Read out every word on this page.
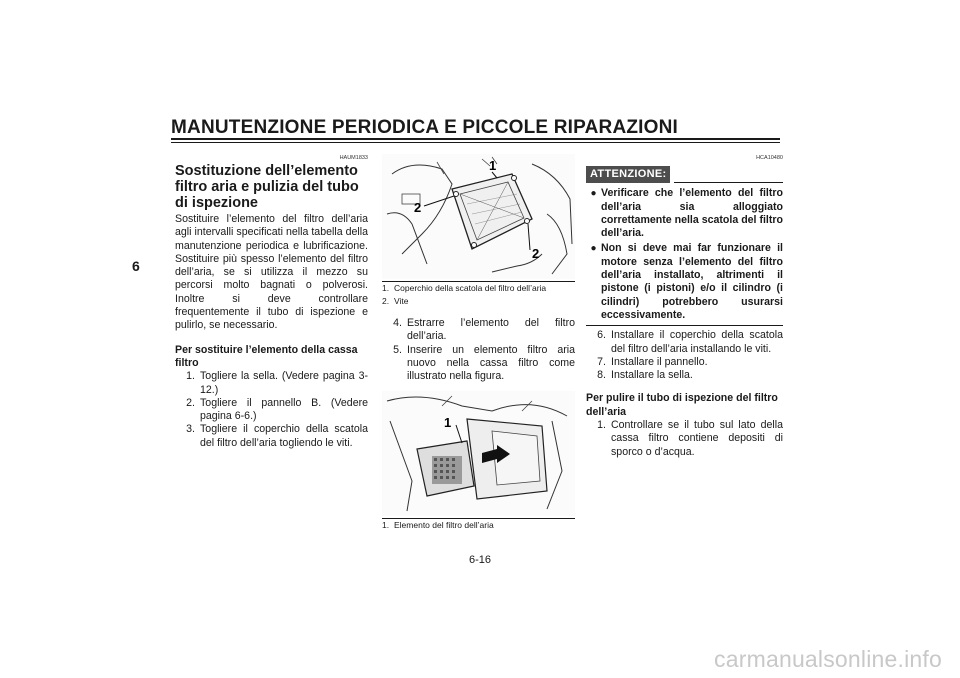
MANUTENZIONE PERIODICA E PICCOLE RIPARAZIONI
6
HAUM1833
Sostituzione dell’elemento filtro aria e pulizia del tubo di ispezione
Sostituire l’elemento del filtro dell’aria agli intervalli specificati nella tabella della manutenzione periodica e lubrificazione. Sostituire più spesso l’elemento del filtro dell’aria, se si utilizza il mezzo su percorsi molto bagnati o polverosi. Inoltre si deve controllare frequentemente il tubo di ispezione e pulirlo, se necessario.
Per sostituire l’elemento della cassa filtro
1. Togliere la sella. (Vedere pagina 3-12.)
2. Togliere il pannello B. (Vedere pagina 6-6.)
3. Togliere il coperchio della scatola del filtro dell’aria togliendo le viti.
1
2
2
1. Coperchio della scatola del filtro dell’aria
2. Vite
4. Estrarre l’elemento del filtro dell’aria.
5. Inserire un elemento filtro aria nuovo nella cassa filtro come illustrato nella figura.
1
1. Elemento del filtro dell’aria
HCA10480
ATTENZIONE:
● Verificare che l’elemento del filtro dell’aria sia alloggiato correttamente nella scatola del filtro dell’aria.
● Non si deve mai far funzionare il motore senza l’elemento del filtro dell’aria installato, altrimenti il pistone (i pistoni) e/o il cilindro (i cilindri) potrebbero usurarsi eccessivamente.
6. Installare il coperchio della scatola del filtro dell’aria installando le viti.
7. Installare il pannello.
8. Installare la sella.
Per pulire il tubo di ispezione del filtro dell’aria
1. Controllare se il tubo sul lato della cassa filtro contiene depositi di sporco o d’acqua.
6-16
carmanualsonline.info
